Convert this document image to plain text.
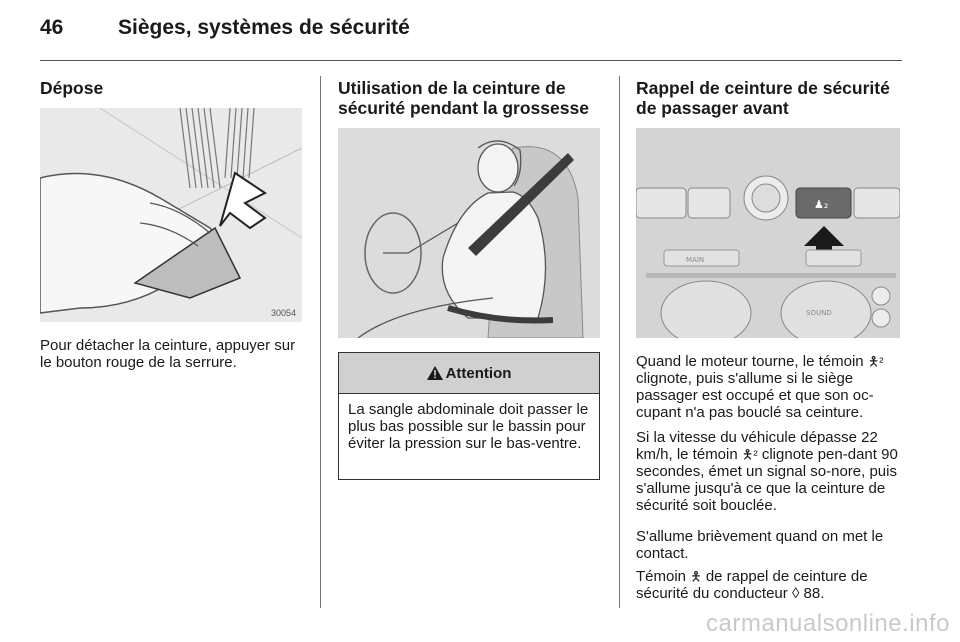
46	Sièges, systèmes de sécurité
Dépose
30054

Pour détacher la ceinture, appuyer sur le bouton rouge de la serrure.

Utilisation de la ceinture de sécurité pendant la grossesse
Attention
La sangle abdominale doit passer le plus bas possible sur le bassin pour éviter la pression sur le bas-ventre.
Rappel de ceinture de sécurité de passager avant
♟₂
MAIN
SOUND

Quand le moteur tourne, le témoin 🯅² clignote, puis s'allume si le siège passager est occupé et que son oc-cupant n'a pas bouclé sa ceinture.

Si la vitesse du véhicule dépasse 22 km/h, le témoin 🯅² clignote pen-dant 90 secondes, émet un signal so-nore, puis s'allume jusqu'à ce que la ceinture de sécurité soit bouclée.

S'allume brièvement quand on met le contact.

Témoin 🯅 de rappel de ceinture de sécurité du conducteur ◊ 88.

carmanualsonline.info
